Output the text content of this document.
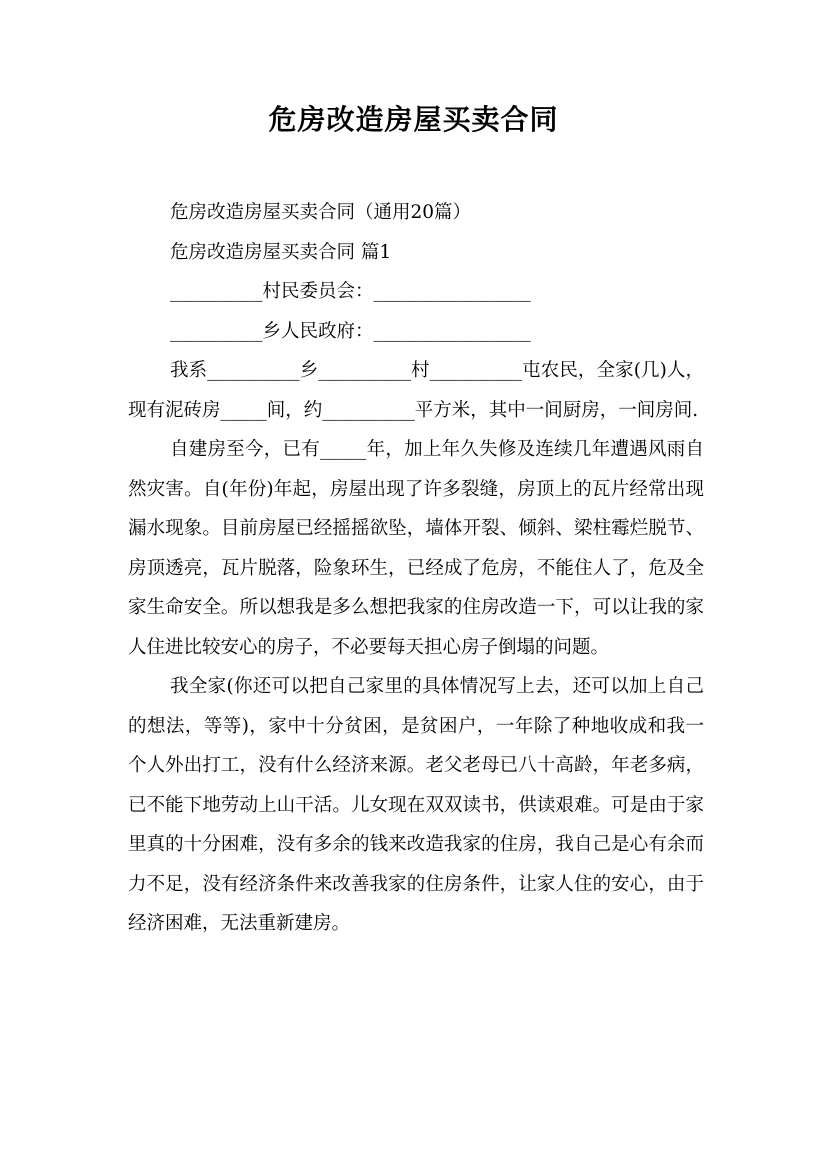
危房改造房屋买卖合同
危房改造房屋买卖合同（通用20篇）
危房改造房屋买卖合同 篇1
__________村民委员会：_________________
__________乡人民政府：_________________

我系__________乡__________村__________屯农民，全家(几)人，现有泥砖房_____间，约__________平方米，其中一间厨房，一间房间.

自建房至今，已有_____年，加上年久失修及连续几年遭遇风雨自然灾害。自(年份)年起，房屋出现了许多裂缝，房顶上的瓦片经常出现漏水现象。目前房屋已经摇摇欲坠，墙体开裂、倾斜、梁柱霉烂脱节、房顶透亮，瓦片脱落，险象环生，已经成了危房，不能住人了，危及全家生命安全。所以想我是多么想把我家的住房改造一下，可以让我的家人住进比较安心的房子，不必要每天担心房子倒塌的问题。

我全家(你还可以把自己家里的具体情况写上去，还可以加上自己的想法，等等)，家中十分贫困，是贫困户，一年除了种地收成和我一个人外出打工，没有什么经济来源。老父老母已八十高龄，年老多病，已不能下地劳动上山干活。儿女现在双双读书，供读艰难。可是由于家里真的十分困难，没有多余的钱来改造我家的住房，我自己是心有余而力不足，没有经济条件来改善我家的住房条件，让家人住的安心，由于经济困难，无法重新建房。
